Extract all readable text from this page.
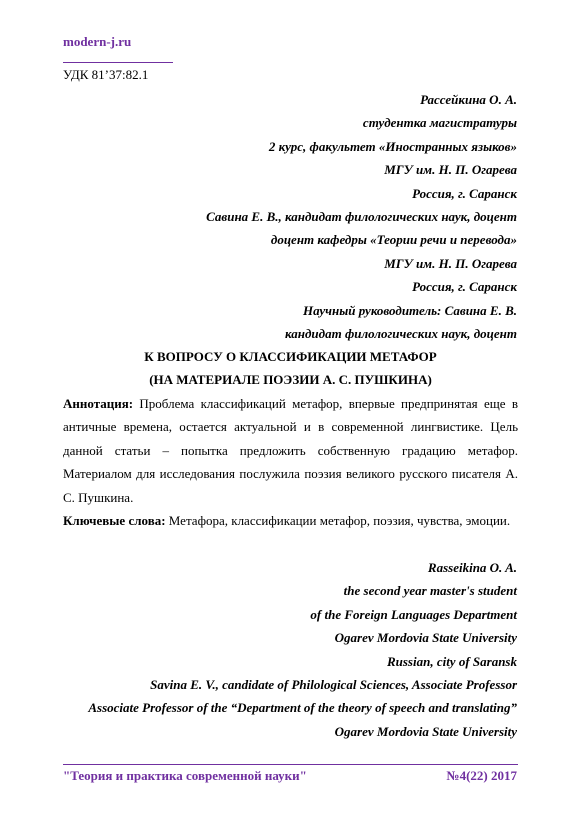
modern-j.ru
УДК 81’37:82.1
Рассейкина О. А.
студентка магистратуры
2 курс, факультет «Иностранных языков»
МГУ им. Н. П. Огарева
Россия, г. Саранск
Савина Е. В., кандидат филологических наук, доцент
доцент кафедры «Теории речи и перевода»
МГУ им. Н. П. Огарева
Россия, г. Саранск
Научный руководитель: Савина Е. В.
кандидат филологических наук, доцент
К ВОПРОСУ О КЛАССИФИКАЦИИ МЕТАФОР
(НА МАТЕРИАЛЕ ПОЭЗИИ А. С. ПУШКИНА)
Аннотация: Проблема классификаций метафор, впервые предпринятая еще в античные времена, остается актуальной и в современной лингвистике. Цель данной статьи – попытка предложить собственную градацию метафор. Материалом для исследования послужила поэзия великого русского писателя А. С. Пушкина.
Ключевые слова: Метафора, классификации метафор, поэзия, чувства, эмоции.
Rasseikina O. A.
the second year master's student
of the Foreign Languages Department
Ogarev Mordovia State University
Russian, city of Saransk
Savina E. V., candidate of Philological Sciences, Associate Professor
Associate Professor of the “Department of the theory of speech and translating”
Ogarev Mordovia State University
"Теория и практика современной науки"	№4(22) 2017
